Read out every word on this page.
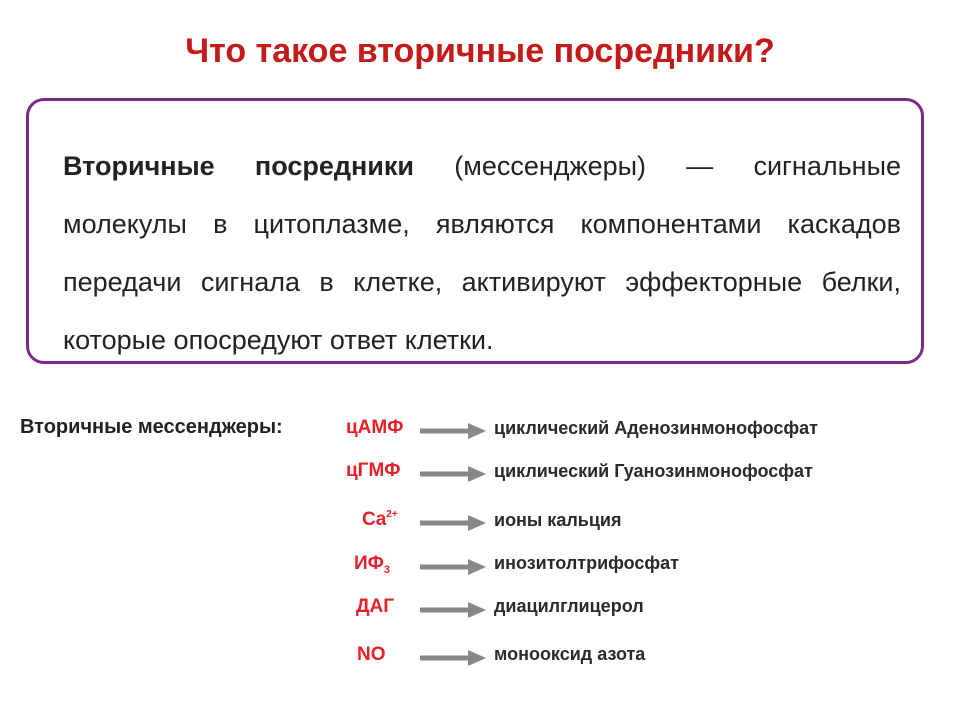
Что такое вторичные посредники?

Вторичные посредники (мессенджеры) — сигнальные молекулы в цитоплазме, являются компонентами каскадов передачи сигнала в клетке, активируют эффекторные белки, которые опосредуют ответ клетки.

Вторичные мессенджеры:	цАМФ	циклический Аденозинмонофосфат
цГМФ	циклический Гуанозинмонофосфат
$Ca^{2+}$	ионы кальция
$ИФ_3$	инозитолтрифосфат
ДАГ	диацилглицерол
NO	монооксид азота
